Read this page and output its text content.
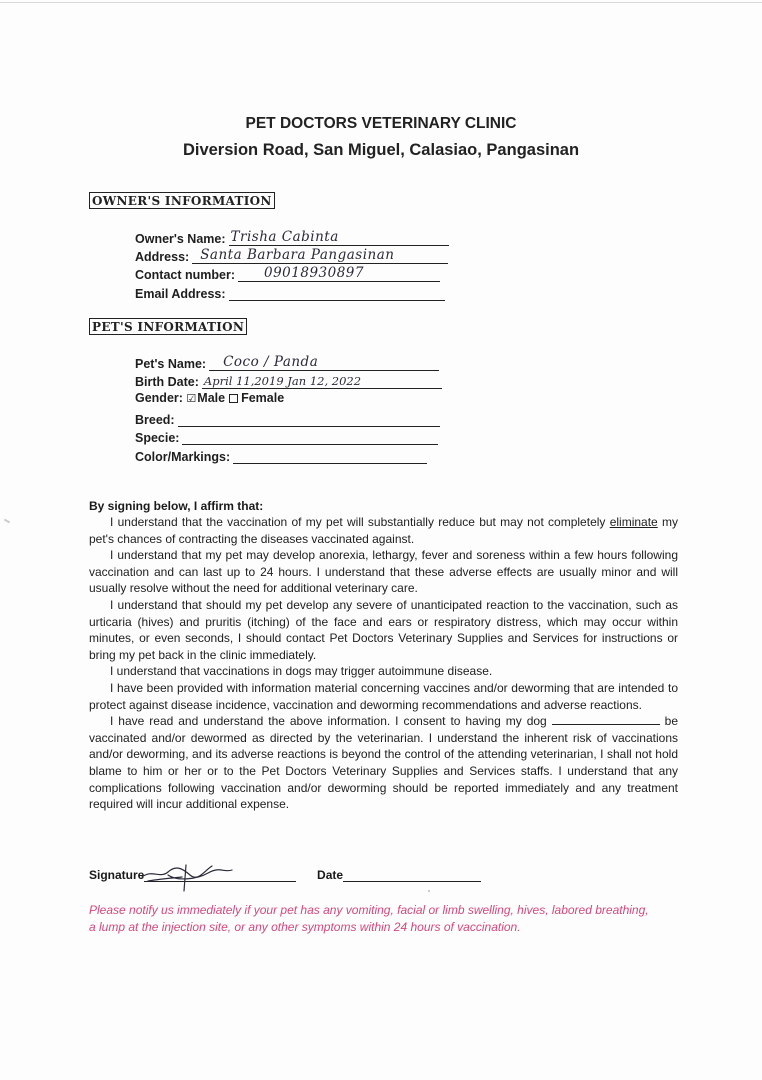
PET DOCTORS VETERINARY CLINIC
Diversion Road, San Miguel, Calasiao, Pangasinan
OWNER'S INFORMATION
Owner's Name: Trisha Cabinta
Address: Santa Barbara Pangasinan
Contact number: 09018930897
Email Address:
PET'S INFORMATION
Pet's Name: Coco / Panda
Birth Date: April 11,2019 Jan 12, 2022
Gender: ☑Male Female
Breed:
Specie:
Color/Markings:
By signing below, I affirm that:

I understand that the vaccination of my pet will substantially reduce but may not completely eliminate my pet's chances of contracting the diseases vaccinated against.

I understand that my pet may develop anorexia, lethargy, fever and soreness within a few hours following vaccination and can last up to 24 hours. I understand that these adverse effects are usually minor and will usually resolve without the need for additional veterinary care.

I understand that should my pet develop any severe of unanticipated reaction to the vaccination, such as urticaria (hives) and pruritis (itching) of the face and ears or respiratory distress, which may occur within minutes, or even seconds, I should contact Pet Doctors Veterinary Supplies and Services for instructions or bring my pet back in the clinic immediately.

I understand that vaccinations in dogs may trigger autoimmune disease.

I have been provided with information material concerning vaccines and/or deworming that are intended to protect against disease incidence, vaccination and deworming recommendations and adverse reactions.

I have read and understand the above information. I consent to having my dog	be vaccinated and/or dewormed as directed by the veterinarian. I understand the inherent risk of vaccinations and/or deworming, and its adverse reactions is beyond the control of the attending veterinarian, I shall not hold blame to him or her or to the Pet Doctors Veterinary Supplies and Services staffs. I understand that any complications following vaccination and/or deworming should be reported immediately and any treatment required will incur additional expense.

Signature	Date
Please notify us immediately if your pet has any vomiting, facial or limb swelling, hives, labored breathing, a lump at the injection site, or any other symptoms within 24 hours of vaccination.
